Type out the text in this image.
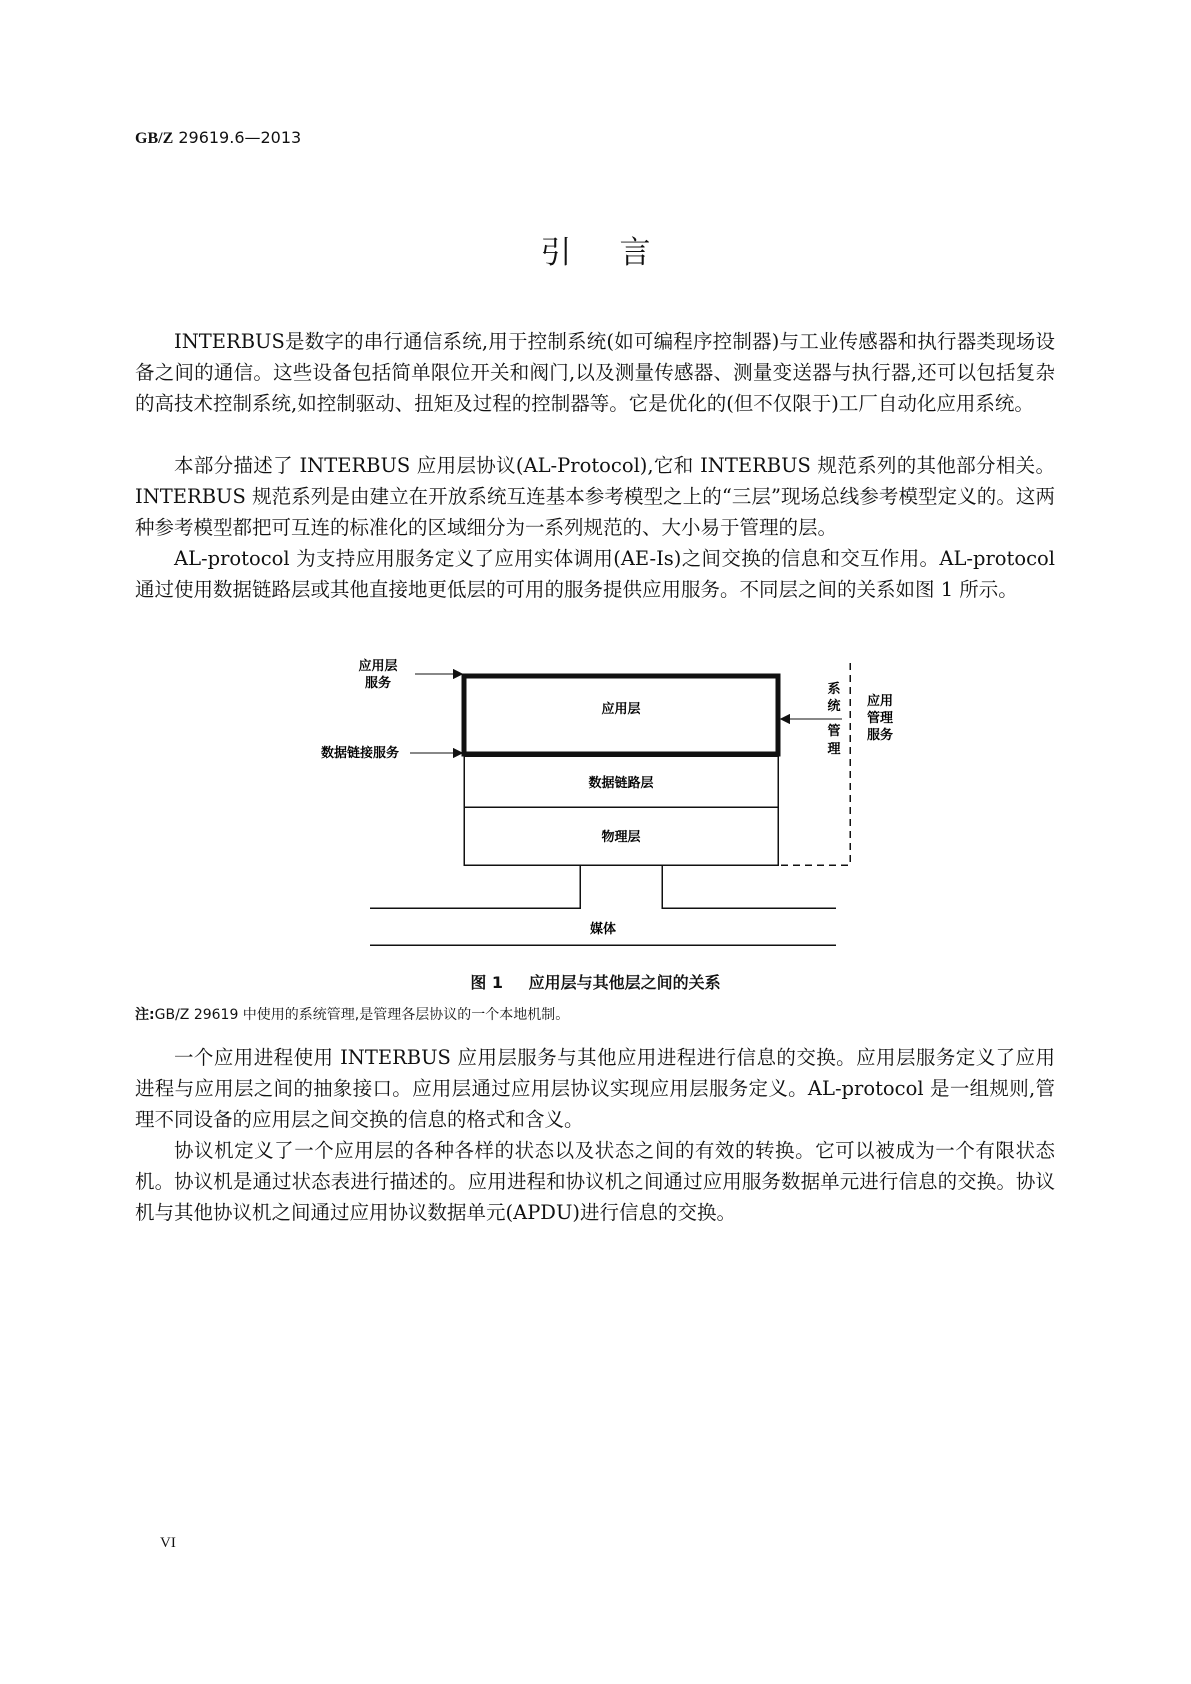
GB/Z 29619.6—2013
引言

INTERBUS是数字的串行通信系统,用于控制系统(如可编程序控制器)与工业传感器和执行器类现场设备之间的通信。这些设备包括简单限位开关和阀门,以及测量传感器、测量变送器与执行器,还可以包括复杂的高技术控制系统,如控制驱动、扭矩及过程的控制器等。它是优化的(但不仅限于)工厂自动化应用系统。

本部分描述了 INTERBUS 应用层协议(AL-Protocol),它和 INTERBUS 规范系列的其他部分相关。INTERBUS 规范系列是由建立在开放系统互连基本参考模型之上的“三层”现场总线参考模型定义的。这两种参考模型都把可互连的标准化的区域细分为一系列规范的、大小易于管理的层。

AL-protocol 为支持应用服务定义了应用实体调用(AE-Is)之间交换的信息和交互作用。AL-protocol 通过使用数据链路层或其他直接地更低层的可用的服务提供应用服务。不同层之间的关系如图 1 所示。

应用层
服务
数据链接服务
应用层
数据链路层
物理层
媒体
系
统
管
理
应用
管理
服务
图 1 应用层与其他层之间的关系
注:GB/Z 29619 中使用的系统管理,是管理各层协议的一个本地机制。

一个应用进程使用 INTERBUS 应用层服务与其他应用进程进行信息的交换。应用层服务定义了应用进程与应用层之间的抽象接口。应用层通过应用层协议实现应用层服务定义。AL-protocol 是一组规则,管理不同设备的应用层之间交换的信息的格式和含义。

协议机定义了一个应用层的各种各样的状态以及状态之间的有效的转换。它可以被成为一个有限状态机。协议机是通过状态表进行描述的。应用进程和协议机之间通过应用服务数据单元进行信息的交换。协议机与其他协议机之间通过应用协议数据单元(APDU)进行信息的交换。

VI
